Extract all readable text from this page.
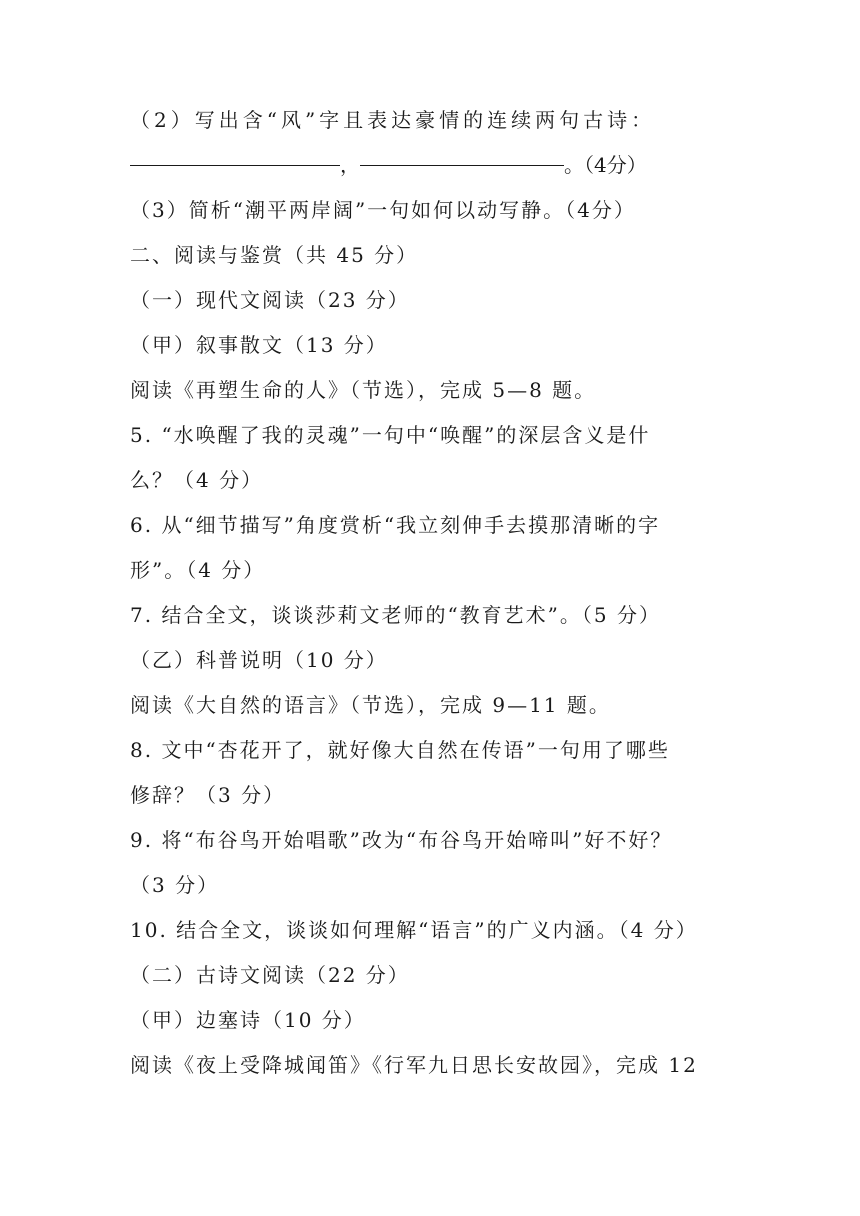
（2）写出含“风”字且表达豪情的连续两句古诗：
，	。（4分）
（3）简析“潮平两岸阔”一句如何以动写静。（4分）
二、阅读与鉴赏（共 45 分）
（一）现代文阅读（23 分）
（甲）叙事散文（13 分）
阅读《再塑生命的人》（节选），完成 5—8 题。
5. “水唤醒了我的灵魂”一句中“唤醒”的深层含义是什
么？（4 分）
6. 从“细节描写”角度赏析“我立刻伸手去摸那清晰的字
形”。（4 分）
7. 结合全文，谈谈莎莉文老师的“教育艺术”。（5 分）
（乙）科普说明（10 分）
阅读《大自然的语言》（节选），完成 9—11 题。
8. 文中“杏花开了，就好像大自然在传语”一句用了哪些
修辞？（3 分）
9. 将“布谷鸟开始唱歌”改为“布谷鸟开始啼叫”好不好？
（3 分）
10. 结合全文，谈谈如何理解“语言”的广义内涵。（4 分）
（二）古诗文阅读（22 分）
（甲）边塞诗（10 分）
阅读《夜上受降城闻笛》《行军九日思长安故园》，完成 12
